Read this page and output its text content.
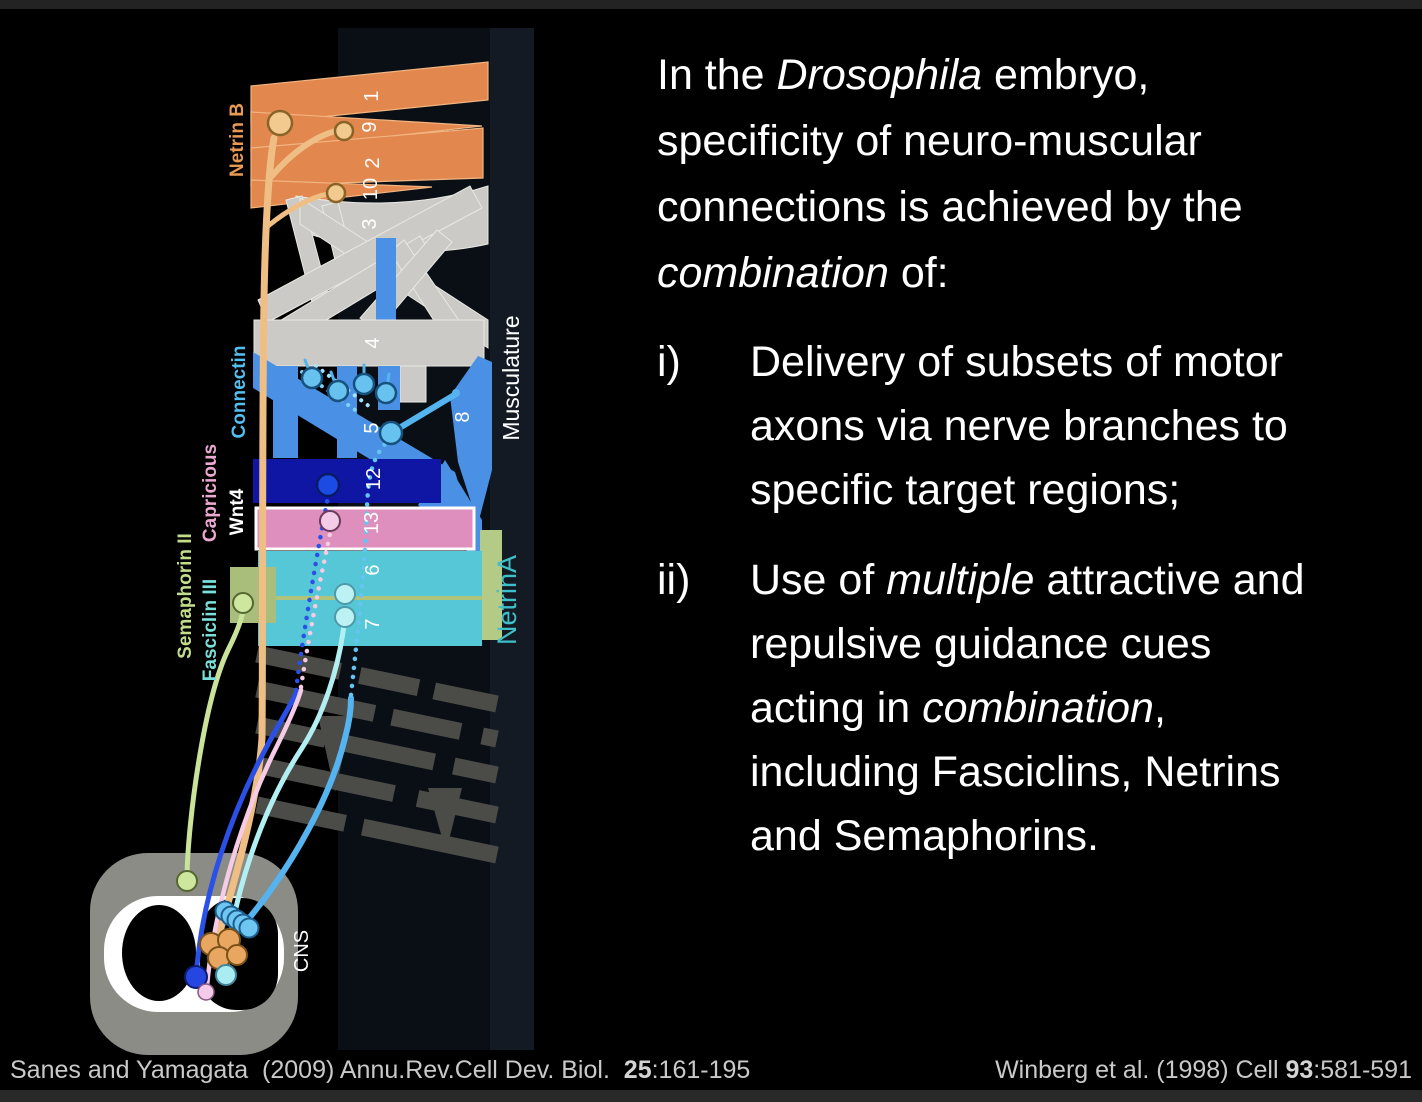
1
9
2
10
3
4
5
8
12
13
6
7
Netrin B
Connectin
Capricious Wnt4
Semaphorin II Fasciclin III
Musculature
NetrinA
CNS
In the Drosophila embryo,
specificity of neuro-muscular
connections is achieved by the
combination of:
i) Delivery of subsets of motor
axons via nerve branches to
specific target regions;
ii) Use of multiple attractive and
repulsive guidance cues
acting in combination,
including Fasciclins, Netrins
and Semaphorins.
Sanes and Yamagata  (2009) Annu.Rev.Cell Dev. Biol.  25:161-195	Winberg et al. (1998) Cell 93:581-591
